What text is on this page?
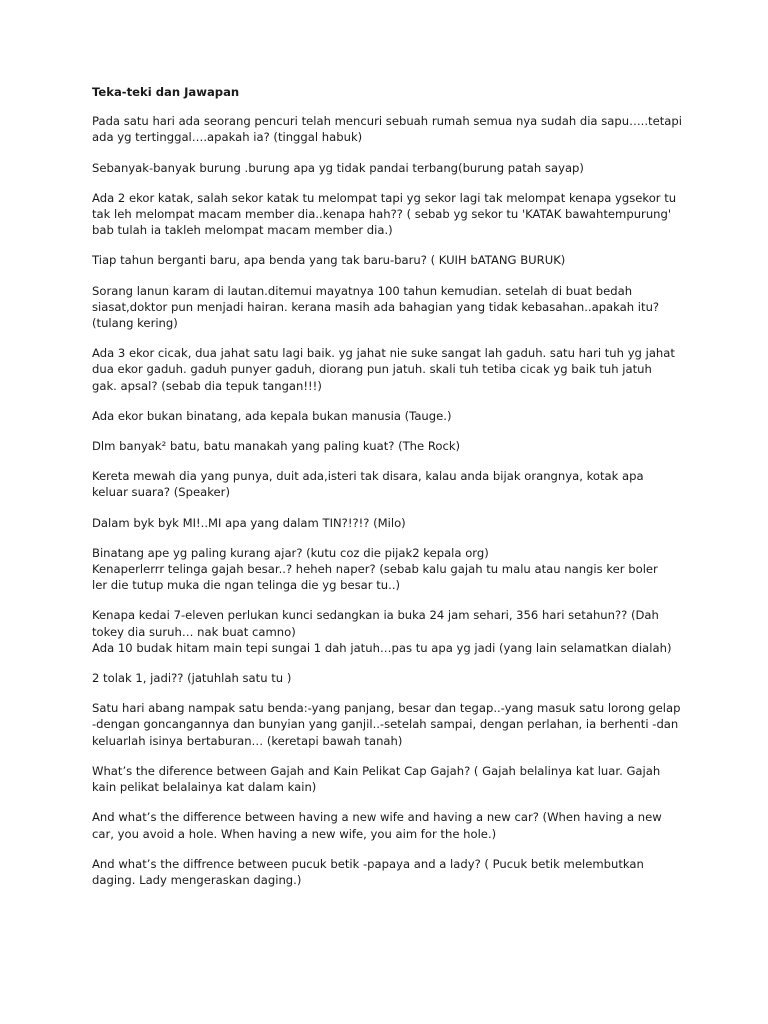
Teka-teki dan Jawapan
Pada satu hari ada seorang pencuri telah mencuri sebuah rumah semua nya sudah dia sapu…..tetapi
ada yg tertinggal….apakah ia? (tinggal habuk)
Sebanyak-banyak burung .burung apa yg tidak pandai terbang(burung patah sayap)
Ada 2 ekor katak, salah sekor katak tu melompat tapi yg sekor lagi tak melompat kenapa ygsekor tu
tak leh melompat macam member dia..kenapa hah?? ( sebab yg sekor tu 'KATAK bawahtempurung'
bab tulah ia takleh melompat macam member dia.)
Tiap tahun berganti baru, apa benda yang tak baru-baru? ( KUIH bATANG BURUK)
Sorang lanun karam di lautan.ditemui mayatnya 100 tahun kemudian. setelah di buat bedah
siasat,doktor pun menjadi hairan. kerana masih ada bahagian yang tidak kebasahan..apakah itu?
(tulang kering)
Ada 3 ekor cicak, dua jahat satu lagi baik. yg jahat nie suke sangat lah gaduh. satu hari tuh yg jahat
dua ekor gaduh. gaduh punyer gaduh, diorang pun jatuh. skali tuh tetiba cicak yg baik tuh jatuh
gak. apsal? (sebab dia tepuk tangan!!!)
Ada ekor bukan binatang, ada kepala bukan manusia (Tauge.)
Dlm banyak² batu, batu manakah yang paling kuat? (The Rock)
Kereta mewah dia yang punya, duit ada,isteri tak disara, kalau anda bijak orangnya, kotak apa
keluar suara? (Speaker)
Dalam byk byk MI!..MI apa yang dalam TIN?!?!? (Milo)
Binatang ape yg paling kurang ajar? (kutu coz die pijak2 kepala org)
Kenaperlerrr telinga gajah besar..? heheh naper? (sebab kalu gajah tu malu atau nangis ker boler
ler die tutup muka die ngan telinga die yg besar tu..)
Kenapa kedai 7-eleven perlukan kunci sedangkan ia buka 24 jam sehari, 356 hari setahun?? (Dah
tokey dia suruh… nak buat camno)
Ada 10 budak hitam main tepi sungai 1 dah jatuh…pas tu apa yg jadi (yang lain selamatkan dialah)
2 tolak 1, jadi?? (jatuhlah satu tu )
Satu hari abang nampak satu benda:-yang panjang, besar dan tegap..-yang masuk satu lorong gelap
-dengan goncangannya dan bunyian yang ganjil..-setelah sampai, dengan perlahan, ia berhenti -dan
keluarlah isinya bertaburan… (keretapi bawah tanah)
What’s the diference between Gajah and Kain Pelikat Cap Gajah? ( Gajah belalinya kat luar. Gajah
kain pelikat belalainya kat dalam kain)
And what’s the difference between having a new wife and having a new car? (When having a new
car, you avoid a hole. When having a new wife, you aim for the hole.)
And what’s the diffrence between pucuk betik -papaya and a lady? ( Pucuk betik melembutkan
daging. Lady mengeraskan daging.)
